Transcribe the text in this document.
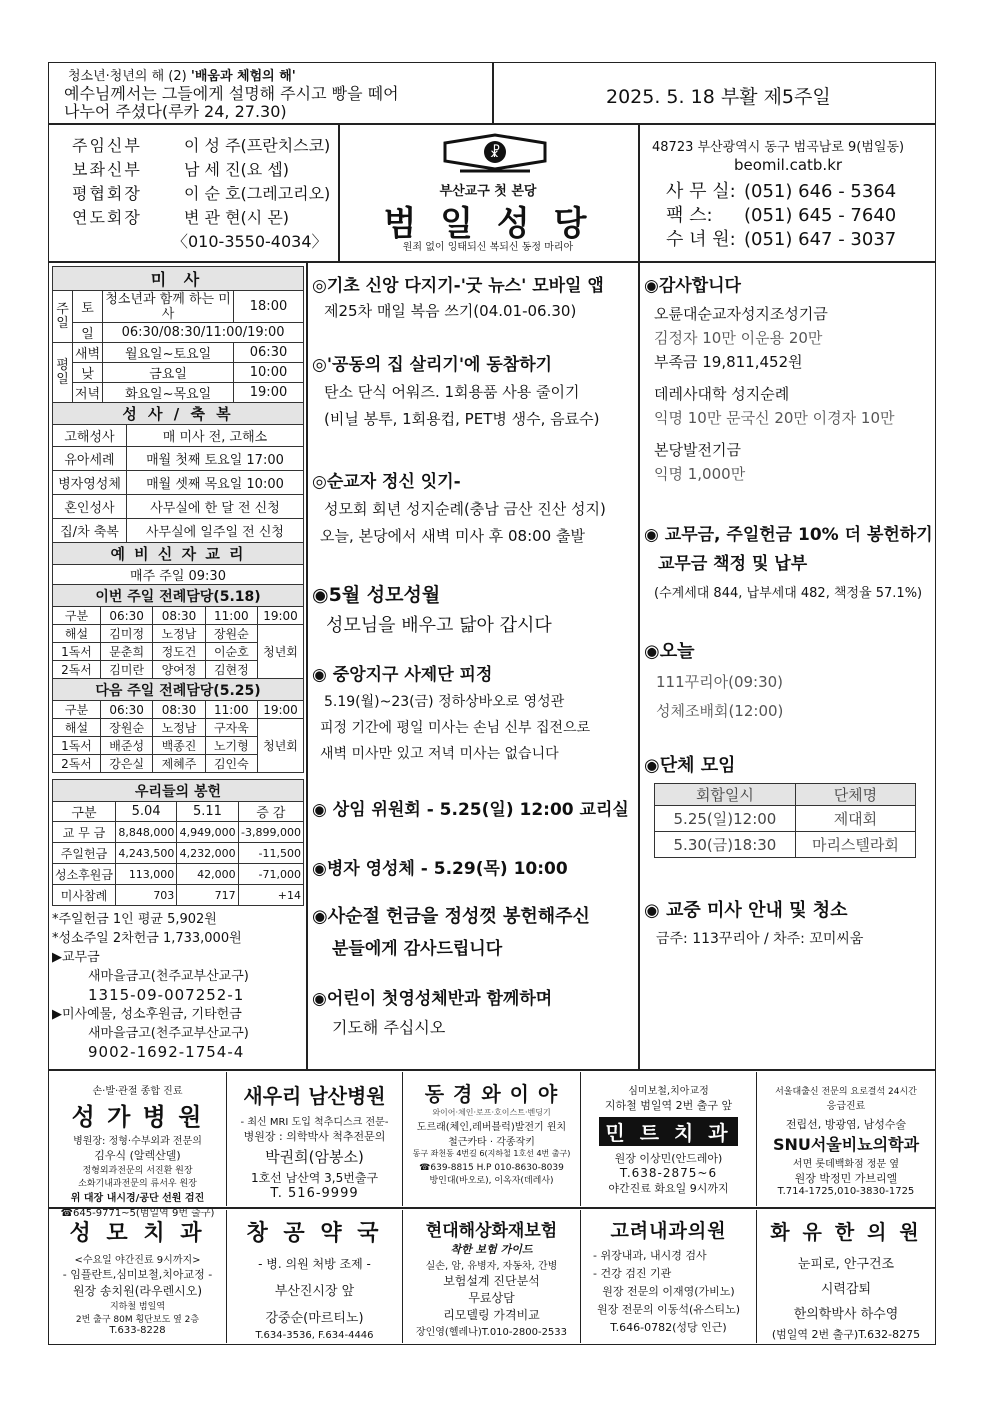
청소년·청년의 해 (2) '배움과 체험의 해'
예수님께서는 그들에게 설명해 주시고 빵을 떼어
나누어 주셨다(루카 24, 27.30)
2025. 5. 18 부활 제5주일
주임신부	이 성 주(프란치스코)
보좌신부	남 세 진(요 셉)
평협회장	이 순 호(그레고리오)
연도회장	변 관 현(시 몬)
〈010-3550-4034〉
☧
부산교구 첫 본당
범 일 성 당
원죄 없이 잉태되신 복되신 동정 마리아
48723 부산광역시 동구 범곡남로 9(범일동)
beomil.catb.kr
사 무 실: (051) 646 - 5364
팩 스: (051) 645 - 7640
수 녀 원: (051) 647 - 3037
미 사			
주일	토	청소년과 함께 하는 미사	18:00
	일	06:30/08:30/11:00/19:00	
평일	새벽	월요일~토요일	06:30
	낮	금요일	10:00
	저녁	화요일~목요일	19:00
성 사 / 축 복	
고해성사	매 미사 전, 고해소
유아세례	매월 첫째 토요일 17:00
병자영성체	매월 셋째 목요일 10:00
혼인성사	사무실에 한 달 전 신청
집/차 축복	사무실에 일주일 전 신청
예 비 신 자 교 리	
매주 주일 09:30	
이번 주일 전례담당(5.18)				
구분	06:30	08:30	11:00	19:00
해설	김미정	노정남	장원순	청년회
1독서	문춘희	정도건	이순호	
2독서	김미란	양여정	김현정	
다음 주일 전례담당(5.25)				
구분	06:30	08:30	11:00	19:00
해설	장원순	노정남	구자욱	청년회
1독서	배준성	백종진	노기형	
2독서	강은실	제혜주	김인숙	
우리들의 봉헌			
구분	5.04	5.11	증 감
교 무 금	8,848,000	4,949,000	-3,899,000
주일헌금	4,243,500	4,232,000	-11,500
성소후원금	113,000	42,000	-71,000
미사참례	703	717	+14
*주일헌금 1인 평균 5,902원
*성소주일 2차헌금 1,733,000원
▶교무금
새마을금고(천주교부산교구)
1315-09-007252-1
▶미사예물, 성소후원금, 기타헌금
새마을금고(천주교부산교구)
9002-1692-1754-4
◎기초 신앙 다지기-'굿 뉴스' 모바일 앱
제25차 매일 복음 쓰기(04.01-06.30)
◎'공동의 집 살리기'에 동참하기
탄소 단식 어워즈. 1회용품 사용 줄이기
(비닐 봉투, 1회용컵, PET병 생수, 음료수)
◎순교자 정신 잇기-
성모회 회년 성지순례(충남 금산 진산 성지)
오늘, 본당에서 새벽 미사 후 08:00 출발
◉5월 성모성월
성모님을 배우고 닮아 갑시다
◉ 중앙지구 사제단 피정
5.19(월)~23(금) 정하상바오로 영성관
피정 기간에 평일 미사는 손님 신부 집전으로
새벽 미사만 있고 저녁 미사는 없습니다
◉ 상임 위원회 - 5.25(일) 12:00 교리실
◉병자 영성체 - 5.29(목) 10:00
◉사순절 헌금을 정성껏 봉헌해주신
분들에게 감사드립니다
◉어린이 첫영성체반과 함께하며
기도해 주십시오
◉감사합니다
오륜대순교자성지조성기금
김정자 10만 이운용 20만
부족금 19,811,452원
데레사대학 성지순례
익명 10만 문국신 20만 이경자 10만
본당발전기금
익명 1,000만
◉ 교무금, 주일헌금 10% 더 봉헌하기
교무금 책정 및 납부
(수계세대 844, 납부세대 482, 책정율 57.1%)
◉오늘
111꾸리아(09:30)
성체조배회(12:00)
◉단체 모임
회합일시	단체명
5.25(일)12:00	제대회
5.30(금)18:30	마리스텔라회
◉ 교중 미사 안내 및 청소
금주: 113꾸리아 / 차주: 꼬미씨움
손·발·관절 종합 진료
성 가 병 원
병원장: 정형·수부외과 전문의
김우식 (알렉산델)
정형외과전문의 서진환 원장
소화기내과전문의 류서우 원장
위 대장 내시경/공단 선원 검진
☎645-9771~5(범일역 9번 출구)
새우리 남산병원
- 최신 MRI 도입 척추디스크 전문-
병원장 : 의학박사 척추전문의
박권희(암봉소)
1호선 남산역 3,5번출구
T. 516-9999
동 경 와 이 야
와이어·체인·로프·호이스트·벤딩기
도르래(체인,레버블럭)발전기 윈치
철근카타 · 각종작키
동구 좌천동 4번길 6(지하철 1호선 4번 출구)
☎639-8815 H.P 010-8630-8039
방인대(바오로), 이옥자(데레사)
심미보철,치아교정
지하철 범일역 2번 출구 앞
민 트 치 과
원장 이상민(안드레아)
T.638-2875~6
야간진료 화요일 9시까지
서울대출신 전문의 요로결석 24시간
응급진료
전립선, 방광염, 남성수술
SNU서울비뇨의학과
서면 롯데백화점 정문 옆
원장 박정민 가브리엘
T.714-1725,010-3830-1725
성 모 치 과
<수요일 야간진료 9시까지>
- 임플란트,심미보철,치아교정 -
원장 송치원(라우렌시오)
지하철 범일역
2번 출구 80M 횡단보도 옆 2층
T.633-8228
창 공 약 국
- 병. 의원 처방 조제 -
부산진시장 앞
강중순(마르티노)
T.634-3536, F.634-4446
현대해상화재보험
착한 보험 가이드
실손, 암, 유병자, 자동차, 간병
보험설계 진단분석
무료상담
리모델링 가격비교
장인영(헬레나)T.010-2800-2533
고려내과의원
- 위장내과, 내시경 검사
- 건강 검진 기관
원장 전문의 이재영(가비노)
원장 전문의 이동석(유스티노)
T.646-0782(성당 인근)
화 유 한 의 원
눈피로, 안구건조
시력감퇴
한의학박사 하수영
(범일역 2번 출구)T.632-8275
